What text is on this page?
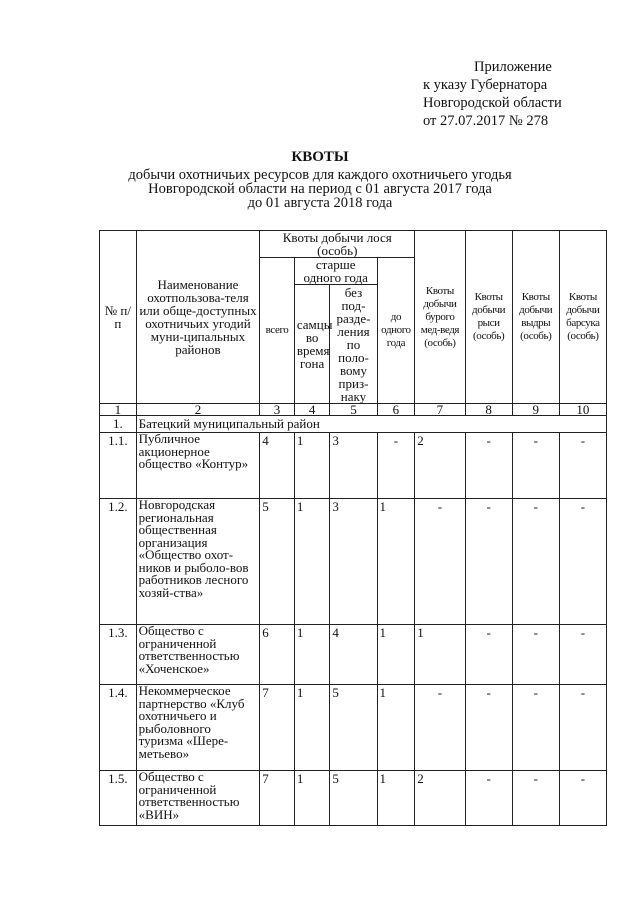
Приложение
к указу Губернатора
Новгородской области
от 27.07.2017 № 278
КВОТЫ
добычи охотничьих ресурсов для каждого охотничьего угодья
Новгородской области на период с 01 августа 2017 года
до 01 августа 2018 года
№ п/п	Наименование охотпользова-теля или обще-доступных охотничьих угодий муни-ципальных районов	Квоты добычи лося (особь)				Квоты добычи бурого мед-ведя (особь)	Квоты добычи рыси (особь)	Квоты добычи выдры (особь)	Квоты добычи барсука (особь)
		всего	старше одного года		до одного года				
			самцы во время гона	без под-разде-ления по поло-вому приз-наку					
1	2	3	4	5	6	7	8	9	10
1.	Батецкий муниципальный район								
1.1.	Публичное акционерное общество «Контур»	4	1	3	-	2	-	-	-
1.2.	Новгородская региональная общественная организация «Общество охот-ников и рыболо-вов работников лесного хозяй-ства»	5	1	3	1	-	-	-	-
1.3.	Общество с ограниченной ответственностью «Хоченское»	6	1	4	1	1	-	-	-
1.4.	Некоммерческое партнерство «Клуб охотничьего и рыболовного туризма «Шере-метьево»	7	1	5	1	-	-	-	-
1.5.	Общество с ограниченной ответственностью «ВИН»	7	1	5	1	2	-	-	-
